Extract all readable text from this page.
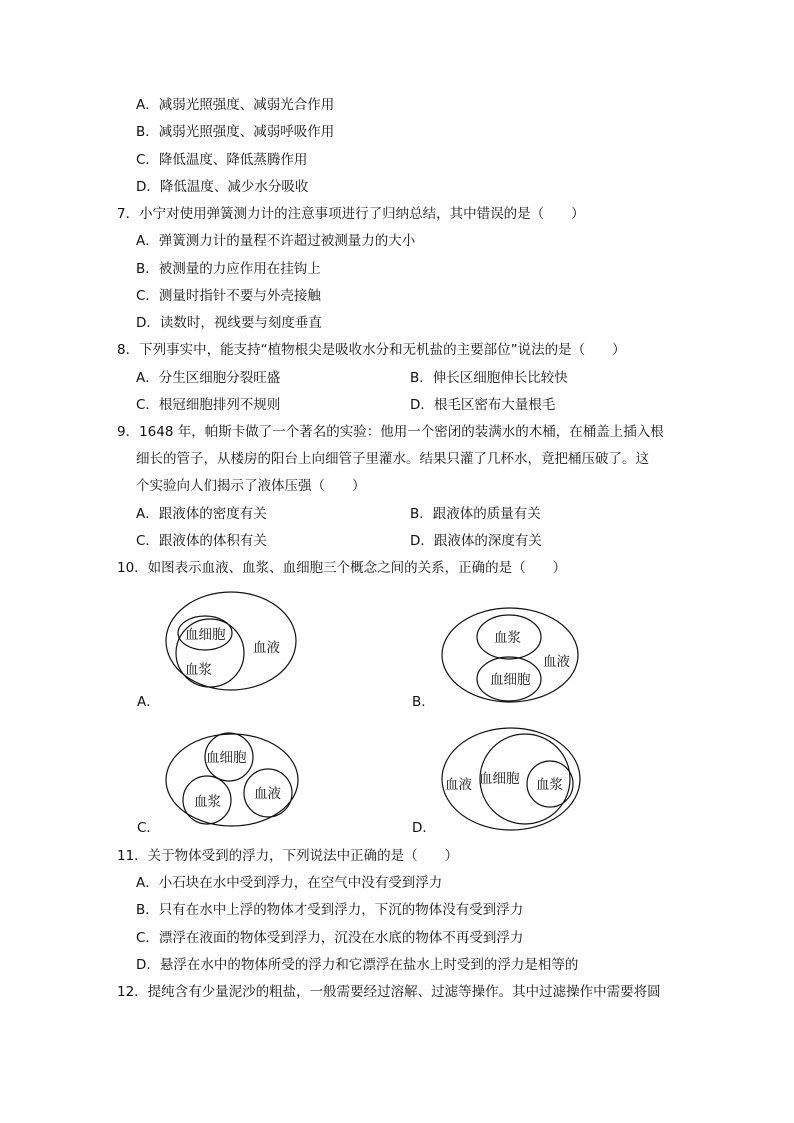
A．减弱光照强度、减弱光合作用
B．减弱光照强度、减弱呼吸作用
C．降低温度、降低蒸腾作用
D．降低温度、减少水分吸收
7．小宁对使用弹簧测力计的注意事项进行了归纳总结，其中错误的是（　　）
A．弹簧测力计的量程不许超过被测量力的大小
B．被测量的力应作用在挂钩上
C．测量时指针不要与外壳接触
D．读数时，视线要与刻度垂直
8．下列事实中，能支持“植物根尖是吸收水分和无机盐的主要部位”说法的是（　　）
A．分生区细胞分裂旺盛	B．伸长区细胞伸长比较快
C．根冠细胞排列不规则	D．根毛区密布大量根毛
9．1648 年，帕斯卡做了一个著名的实验：他用一个密闭的装满水的木桶，在桶盖上插入根
细长的管子，从楼房的阳台上向细管子里灌水。结果只灌了几杯水，竟把桶压破了。这
个实验向人们揭示了液体压强（　　）
A．跟液体的密度有关	B．跟液体的质量有关
C．跟液体的体积有关	D．跟液体的深度有关
10．如图表示血液、血浆、血细胞三个概念之间的关系，正确的是（　　）
血细胞
血浆
血液
A．
血浆
血细胞
血液
B．
血细胞
血浆 血液
C．
血液 血细胞 血浆
D．
11．关于物体受到的浮力，下列说法中正确的是（　　）
A．小石块在水中受到浮力，在空气中没有受到浮力
B．只有在水中上浮的物体才受到浮力，下沉的物体没有受到浮力
C．漂浮在液面的物体受到浮力，沉没在水底的物体不再受到浮力
D．悬浮在水中的物体所受的浮力和它漂浮在盐水上时受到的浮力是相等的
12．提纯含有少量泥沙的粗盐，一般需要经过溶解、过滤等操作。其中过滤操作中需要将圆
